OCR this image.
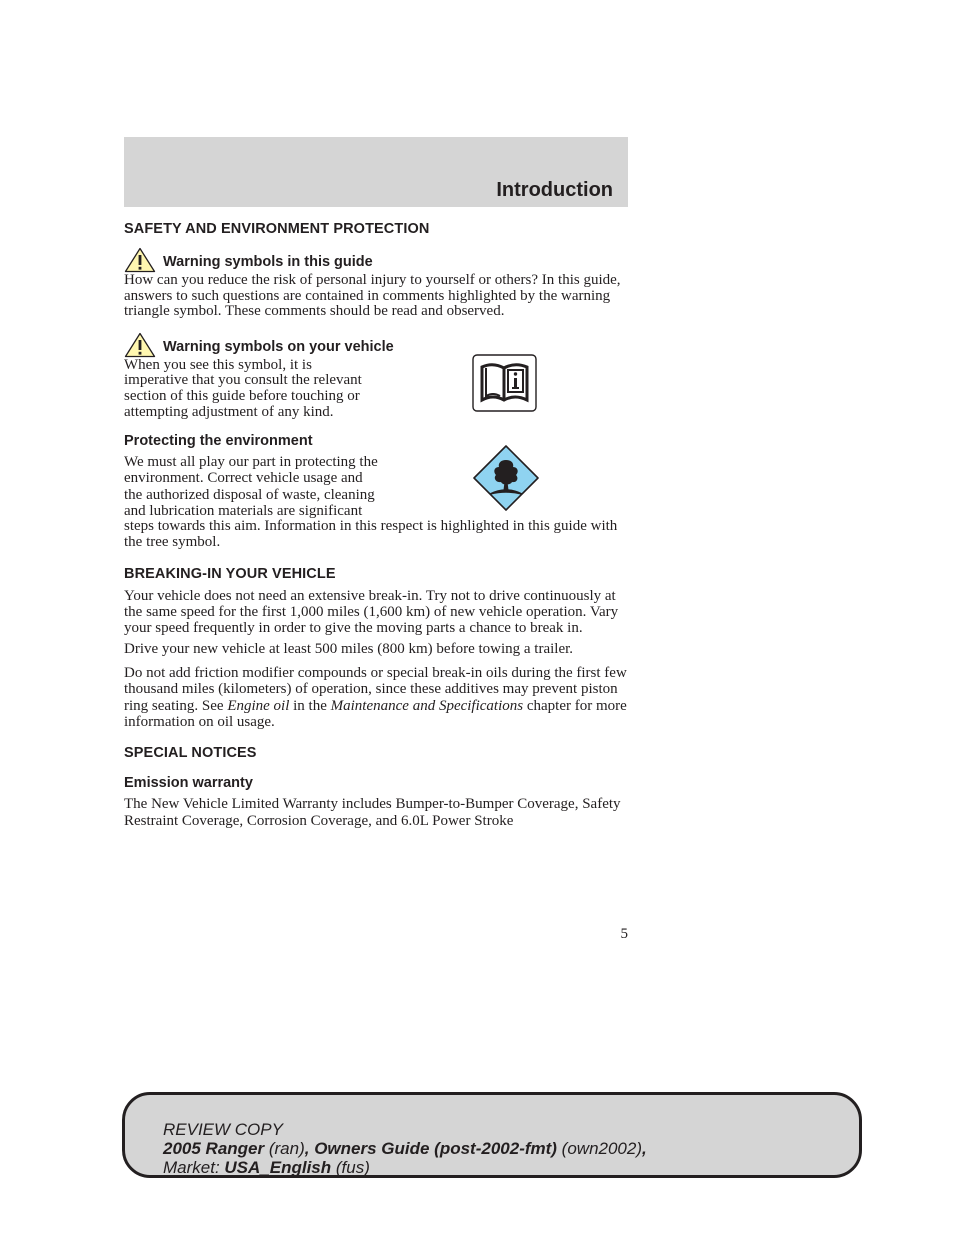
Introduction
SAFETY AND ENVIRONMENT PROTECTION
Warning symbols in this guide

How can you reduce the risk of personal injury to yourself or others? In this guide, answers to such questions are contained in comments highlighted by the warning triangle symbol. These comments should be read and observed.

Warning symbols on your vehicle

When you see this symbol, it is imperative that you consult the relevant section of this guide before touching or attempting adjustment of any kind.

Protecting the environment

We must all play our part in protecting the environment. Correct vehicle usage and the authorized disposal of waste, cleaning and lubrication materials are significant

steps towards this aim. Information in this respect is highlighted in this guide with the tree symbol.

BREAKING-IN YOUR VEHICLE

Your vehicle does not need an extensive break-in. Try not to drive continuously at the same speed for the first 1,000 miles (1,600 km) of new vehicle operation. Vary your speed frequently in order to give the moving parts a chance to break in.

Drive your new vehicle at least 500 miles (800 km) before towing a trailer.

Do not add friction modifier compounds or special break-in oils during the first few thousand miles (kilometers) of operation, since these additives may prevent piston ring seating. See Engine oil in the Maintenance and Specifications chapter for more information on oil usage.

SPECIAL NOTICES
Emission warranty

The New Vehicle Limited Warranty includes Bumper-to-Bumper Coverage, Safety Restraint Coverage, Corrosion Coverage, and 6.0L Power Stroke

5
REVIEW COPY
2005 Ranger (ran), Owners Guide (post-2002-fmt) (own2002),
Market: USA_English (fus)
